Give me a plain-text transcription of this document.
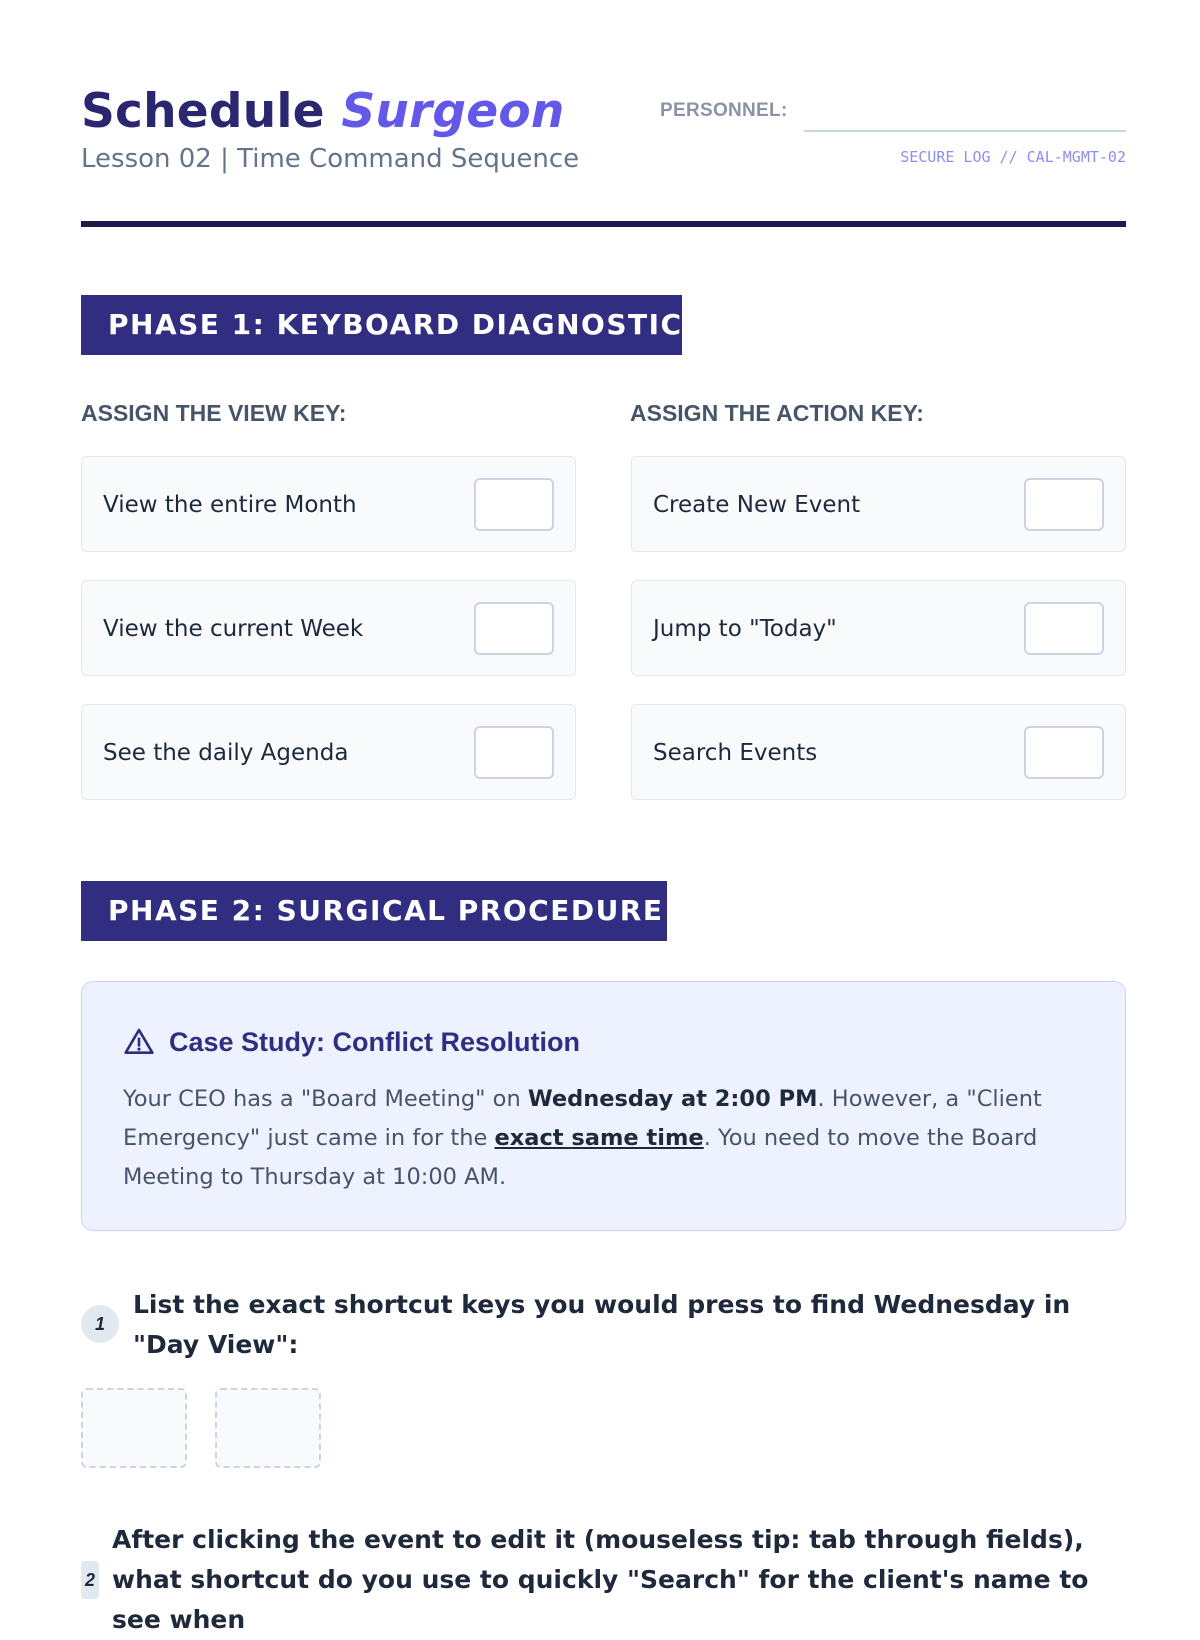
Schedule Surgeon
Lesson 02 | Time Command Sequence
PERSONNEL:
SECURE LOG // CAL-MGMT-02
PHASE 1: KEYBOARD DIAGNOSTIC
ASSIGN THE VIEW KEY:	ASSIGN THE ACTION KEY:
View the entire Month
View the current Week
See the daily Agenda
Create New Event
Jump to "Today"
Search Events
PHASE 2: SURGICAL PROCEDURE
Case Study: Conflict Resolution
Your CEO has a "Board Meeting" on Wednesday at 2:00 PM. However, a "Client Emergency" just came in for the exact same time. You need to move the Board Meeting to Thursday at 10:00 AM.
1
List the exact shortcut keys you would press to find Wednesday in "Day View":
2
After clicking the event to edit it (mouseless tip: tab through fields), what shortcut do you use to quickly "Search" for the client's name to see when
